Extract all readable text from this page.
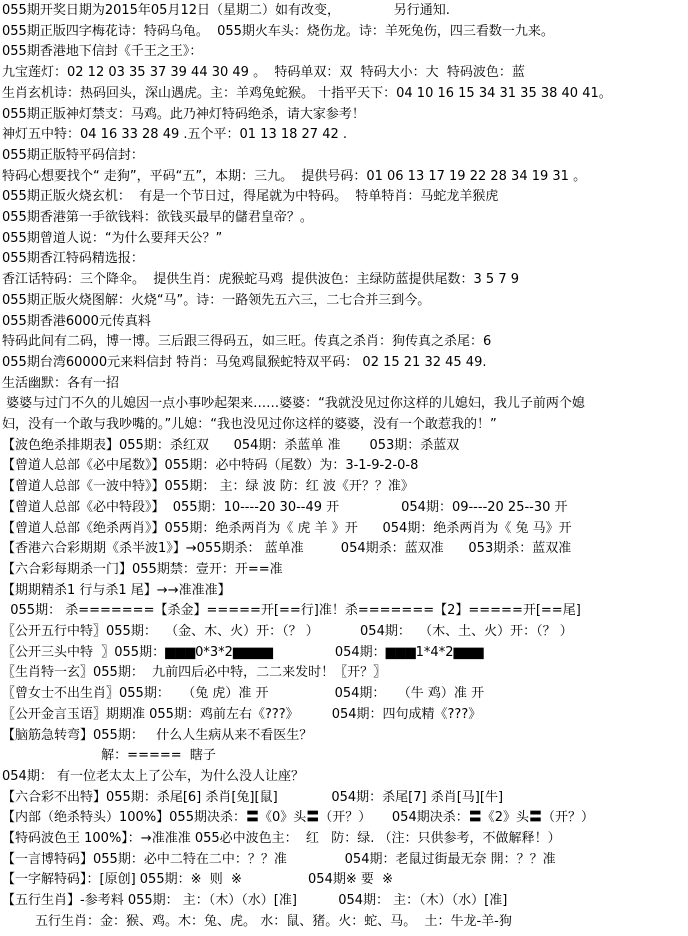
055期开奖日期为2015年05月12日（星期二）如有改变，             另行通知.
055期正版四字梅花诗：特码乌龟。  055期火车头：烧伤龙。诗：羊死兔伤，四三看数一九来。
055期香港地下信封《千王之王》：
九宝莲灯：02 12 03 35 37 39 44 30 49 。  特码单双：双  特码大小：大  特码波色：蓝
生肖玄机诗：热码回头，深山遇虎。主：羊鸡兔蛇猴。 十指平天下：04 10 16 15 34 31 35 38 40 41。
055期正版神灯禁支：马鸡。此乃神灯特码绝杀，请大家参考！
神灯五中特：04 16 33 28 49 .五个平：01 13 18 27 42 .
055期正版特平码信封：
特码心想要找个“ 走狗”，平码“五”，本期：三九。  提供号码：01 06 13 17 19 22 28 34 19 31 。
055期正版火烧玄机：  有是一个节日过，得尾就为中特码。  特单特肖：马蛇龙羊猴虎
055期香港第一手欲钱料：欲钱买最早的儲君皇帝？。
055期曾道人说：“为什么要拜天公？”
055期香江特码精选报：
香江话特码：三个降伞。  提供生肖：虎猴蛇马鸡  提供波色：主绿防蓝提供尾数：3 5 7 9
055期正版火烧图解：火烧“马”。诗：一路领先五六三，二七合并三到今。
055期香港6000元传真料
特码此间有二码，博一博。三后跟三得码五，如三旺。传真之杀肖：狗传真之杀尾：6
055期台湾60000元来料信封 特肖：马兔鸡鼠猴蛇特双平码： 02 15 21 32 45 49.
生活幽默：各有一招
婆婆与过门不久的儿媳因一点小事吵起架来……婆婆：“我就没见过你这样的儿媳妇，我儿子前两个媳
妇，没有一个敢与我吵嘴的。”儿媳：“我也没见过你这样的婆婆，没有一个敢惹我的！”
【波色绝杀排期表】055期：杀红双      054期：杀蓝单 准       053期：杀蓝双
【曾道人总部《必中尾数》】055期：必中特码（尾数）为：3-1-9-2-0-8
【曾道人总部《一波中特》】055期： 主：绿 波 防：红 波《开？？准》
【曾道人总部《必中特段》】  055期：10----20 30--49 开               054期：09----20 25--30 开
【曾道人总部《绝杀两肖》】055期：绝杀两肖为《 虎 羊 》开      054期：绝杀两肖为《 兔 马》开
【香港六合彩期期《杀半波1》】→055期杀： 蓝单准         054期杀：蓝双准      053期杀：蓝双准
【六合彩每期杀一门】055期禁：壹开：开==准
【期期精杀1 行与杀1 尾】→→准准准】
055期： 杀=======【杀金】=====开[==行]准！杀=======【2】=====开[==尾]
〖公开五行中特〗055期：  （金、木、火）开：（？ ）          054期：  （木、土、火）开：（？ ）
〖公开三头中特  〗055期：▆▆▆0*3*2▆▆▆▆               054期：▆▆▆1*4*2▆▆▆
〖生肖特一玄〗055期：  九前四后必中特，二二来发时！〖开？〗
〖曾女士不出生肖〗055期：   （兔 虎）准 开                054期：   （牛 鸡）准 开
〖公开金言玉语〗期期准 055期：鸡前左右《???》        054期：四句成精《???》
【脑筋急转弯】055期：   什么人生病从来不看医生？
解：=====  瞎子
054期： 有一位老太太上了公车，为什么没人让座？
【六合彩不出特】055期：杀尾[6] 杀肖[兔][鼠]             054期：杀尾[7] 杀肖[马][牛]
【内部（绝杀特头）100%】055期决杀：〓《0》头〓（开？）     054期决杀：〓《2》头〓（开？）
【特码波色王 100%】：→准准准 055必中波色主：  红   防：绿. （注：只供参考，不做解释！）
【一言博特码】055期：必中二特在二中：？？准              054期：老鼠过街最无奈 開：？？准
【一字解特码】：[原创] 055期：※  则  ※                054期※ 要  ※
【五行生肖】-参考料 055期： 主：（木）（水）[准]          054期： 主：（木）（水）[准]
五行生肖：金：猴、鸡。木：兔、虎。 水：鼠、猪。火：蛇、马。  土：牛龙-羊-狗
